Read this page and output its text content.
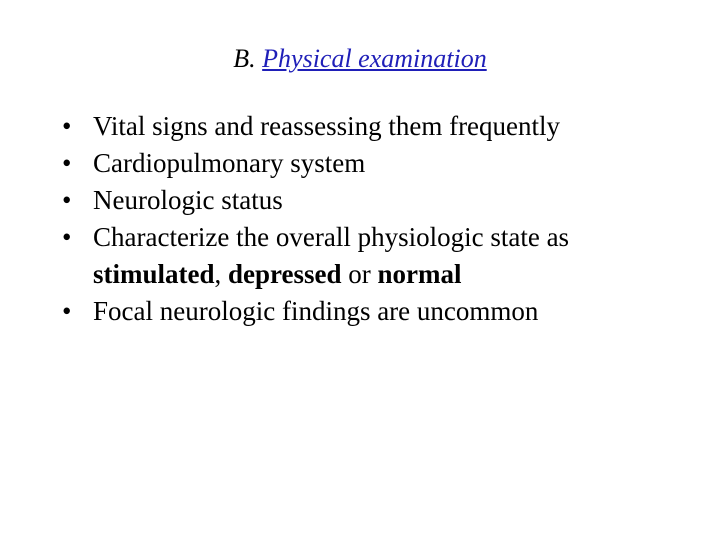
B. Physical examination
• Vital signs and reassessing them frequently
• Cardiopulmonary system
• Neurologic status
• Characterize the overall physiologic state as stimulated, depressed or normal
• Focal neurologic findings are uncommon
